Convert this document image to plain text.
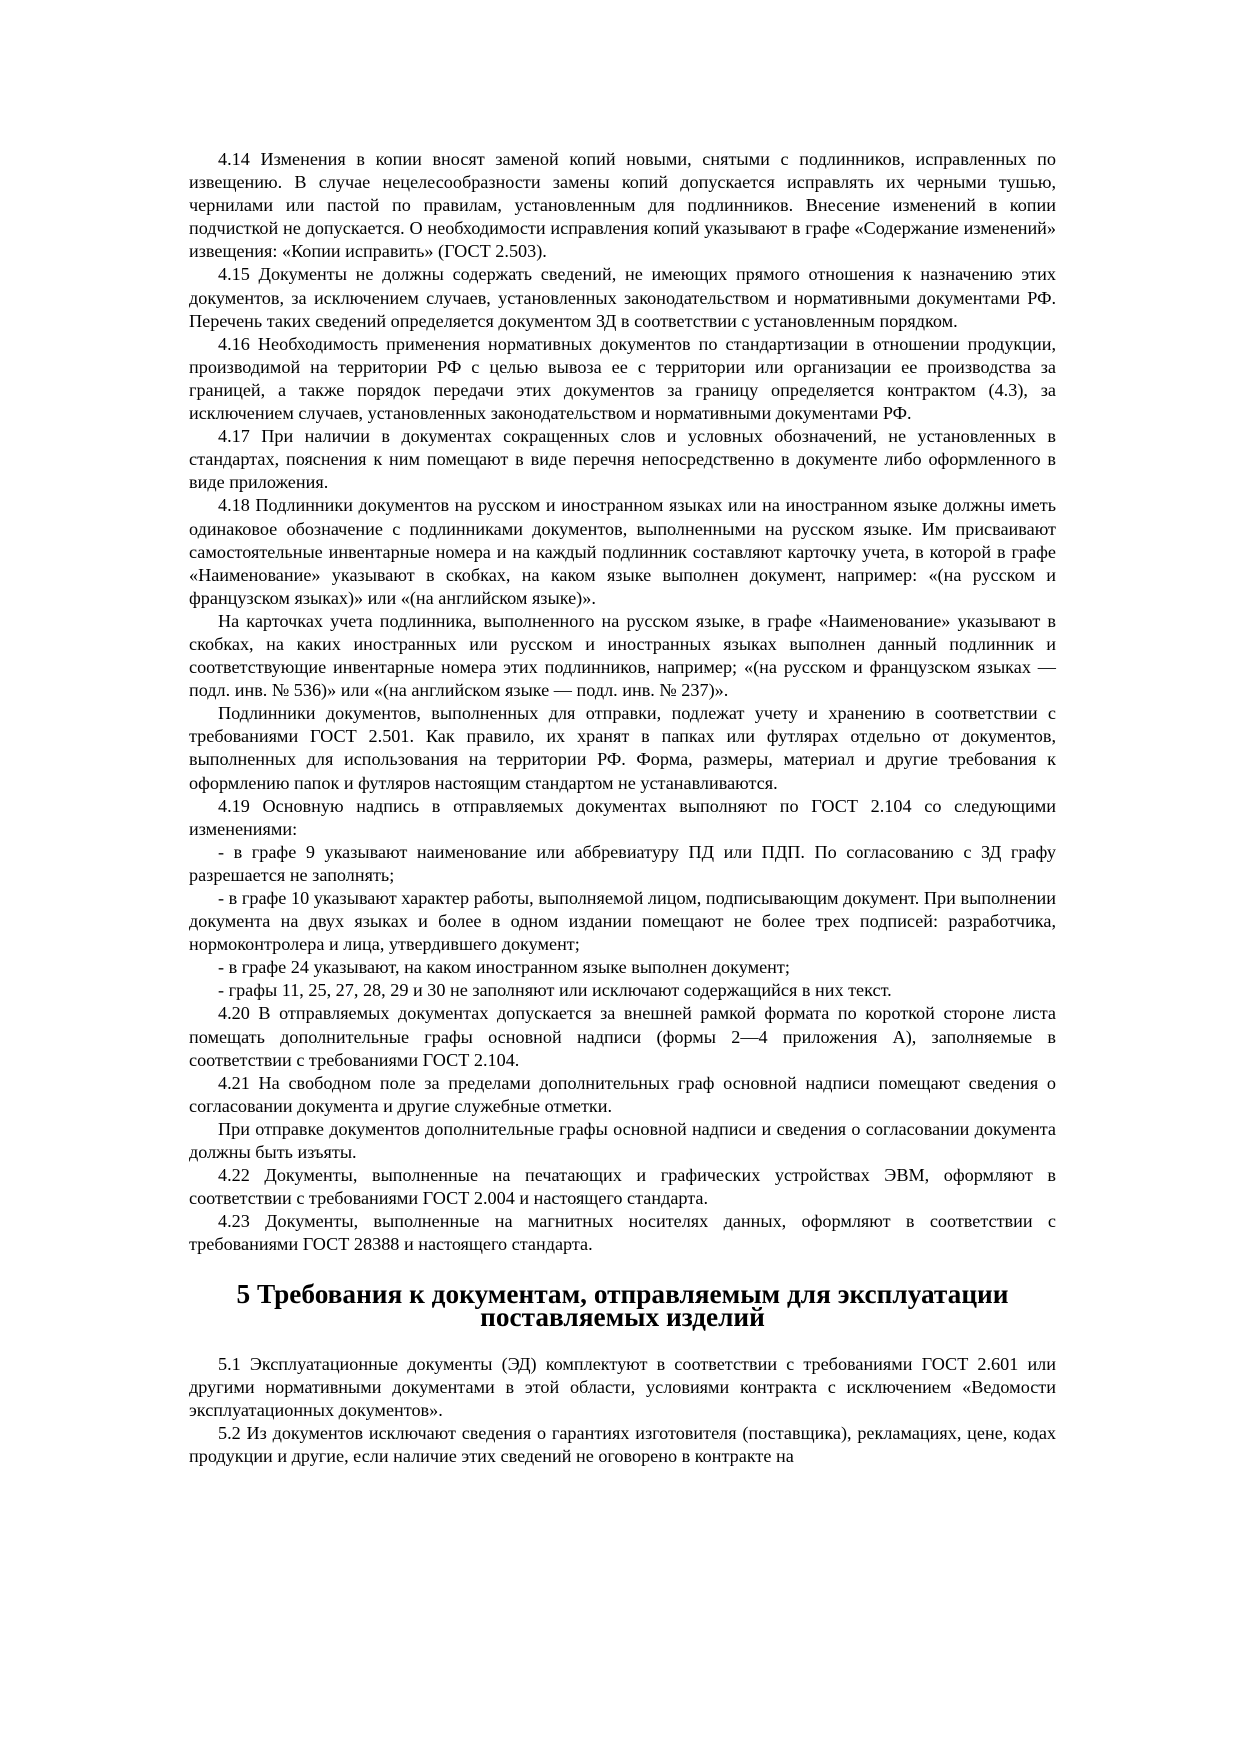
4.14 Изменения в копии вносят заменой копий новыми, снятыми с подлинников, исправленных по извещению. В случае нецелесообразности замены копий допускается исправлять их черными тушью, чернилами или пастой по правилам, установленным для подлинников. Внесение изменений в копии подчисткой не допускается. О необходимости исправления копий указывают в графе «Содержание изменений» извещения: «Копии исправить» (ГОСТ 2.503).

4.15 Документы не должны содержать сведений, не имеющих прямого отношения к назначению этих документов, за исключением случаев, установленных законодательством и нормативными документами РФ. Перечень таких сведений определяется документом ЗД в соответствии с установленным порядком.

4.16 Необходимость применения нормативных документов по стандартизации в отношении продукции, производимой на территории РФ с целью вывоза ее с территории или организации ее производства за границей, а также порядок передачи этих документов за границу определяется контрактом (4.3), за исключением случаев, установленных законодательством и нормативными документами РФ.

4.17 При наличии в документах сокращенных слов и условных обозначений, не установленных в стандартах, пояснения к ним помещают в виде перечня непосредственно в документе либо оформленного в виде приложения.

4.18 Подлинники документов на русском и иностранном языках или на иностранном языке должны иметь одинаковое обозначение с подлинниками документов, выполненными на русском языке. Им присваивают самостоятельные инвентарные номера и на каждый подлинник составляют карточку учета, в которой в графе «Наименование» указывают в скобках, на каком языке выполнен документ, например: «(на русском и французском языках)» или «(на английском языке)».

На карточках учета подлинника, выполненного на русском языке, в графе «Наименование» указывают в скобках, на каких иностранных или русском и иностранных языках выполнен данный подлинник и соответствующие инвентарные номера этих подлинников, например; «(на русском и французском языках — подл. инв. № 536)» или «(на английском языке — подл. инв. № 237)».

Подлинники документов, выполненных для отправки, подлежат учету и хранению в соответствии с требованиями ГОСТ 2.501. Как правило, их хранят в папках или футлярах отдельно от документов, выполненных для использования на территории РФ. Форма, размеры, материал и другие требования к оформлению папок и футляров настоящим стандартом не устанавливаются.

4.19 Основную надпись в отправляемых документах выполняют по ГОСТ 2.104 со следующими изменениями:

- в графе 9 указывают наименование или аббревиатуру ПД или ПДП. По согласованию с ЗД графу разрешается не заполнять;

- в графе 10 указывают характер работы, выполняемой лицом, подписывающим документ. При выполнении документа на двух языках и более в одном издании помещают не более трех подписей: разработчика, нормоконтролера и лица, утвердившего документ;

- в графе 24 указывают, на каком иностранном языке выполнен документ;

- графы 11, 25, 27, 28, 29 и 30 не заполняют или исключают содержащийся в них текст.

4.20 В отправляемых документах допускается за внешней рамкой формата по короткой стороне листа помещать дополнительные графы основной надписи (формы 2—4 приложения А), заполняемые в соответствии с требованиями ГОСТ 2.104.

4.21 На свободном поле за пределами дополнительных граф основной надписи помещают сведения о согласовании документа и другие служебные отметки.

При отправке документов дополнительные графы основной надписи и сведения о согласовании документа должны быть изъяты.

4.22 Документы, выполненные на печатающих и графических устройствах ЭВМ, оформляют в соответствии с требованиями ГОСТ 2.004 и настоящего стандарта.

4.23 Документы, выполненные на магнитных носителях данных, оформляют в соответствии с требованиями ГОСТ 28388 и настоящего стандарта.

5 Требования к документам, отправляемым для эксплуатации
поставляемых изделий

5.1 Эксплуатационные документы (ЭД) комплектуют в соответствии с требованиями ГОСТ 2.601 или другими нормативными документами в этой области, условиями контракта с исключением «Ведомости эксплуатационных документов».

5.2 Из документов исключают сведения о гарантиях изготовителя (поставщика), рекламациях, цене, кодах продукции и другие, если наличие этих сведений не оговорено в контракте на
